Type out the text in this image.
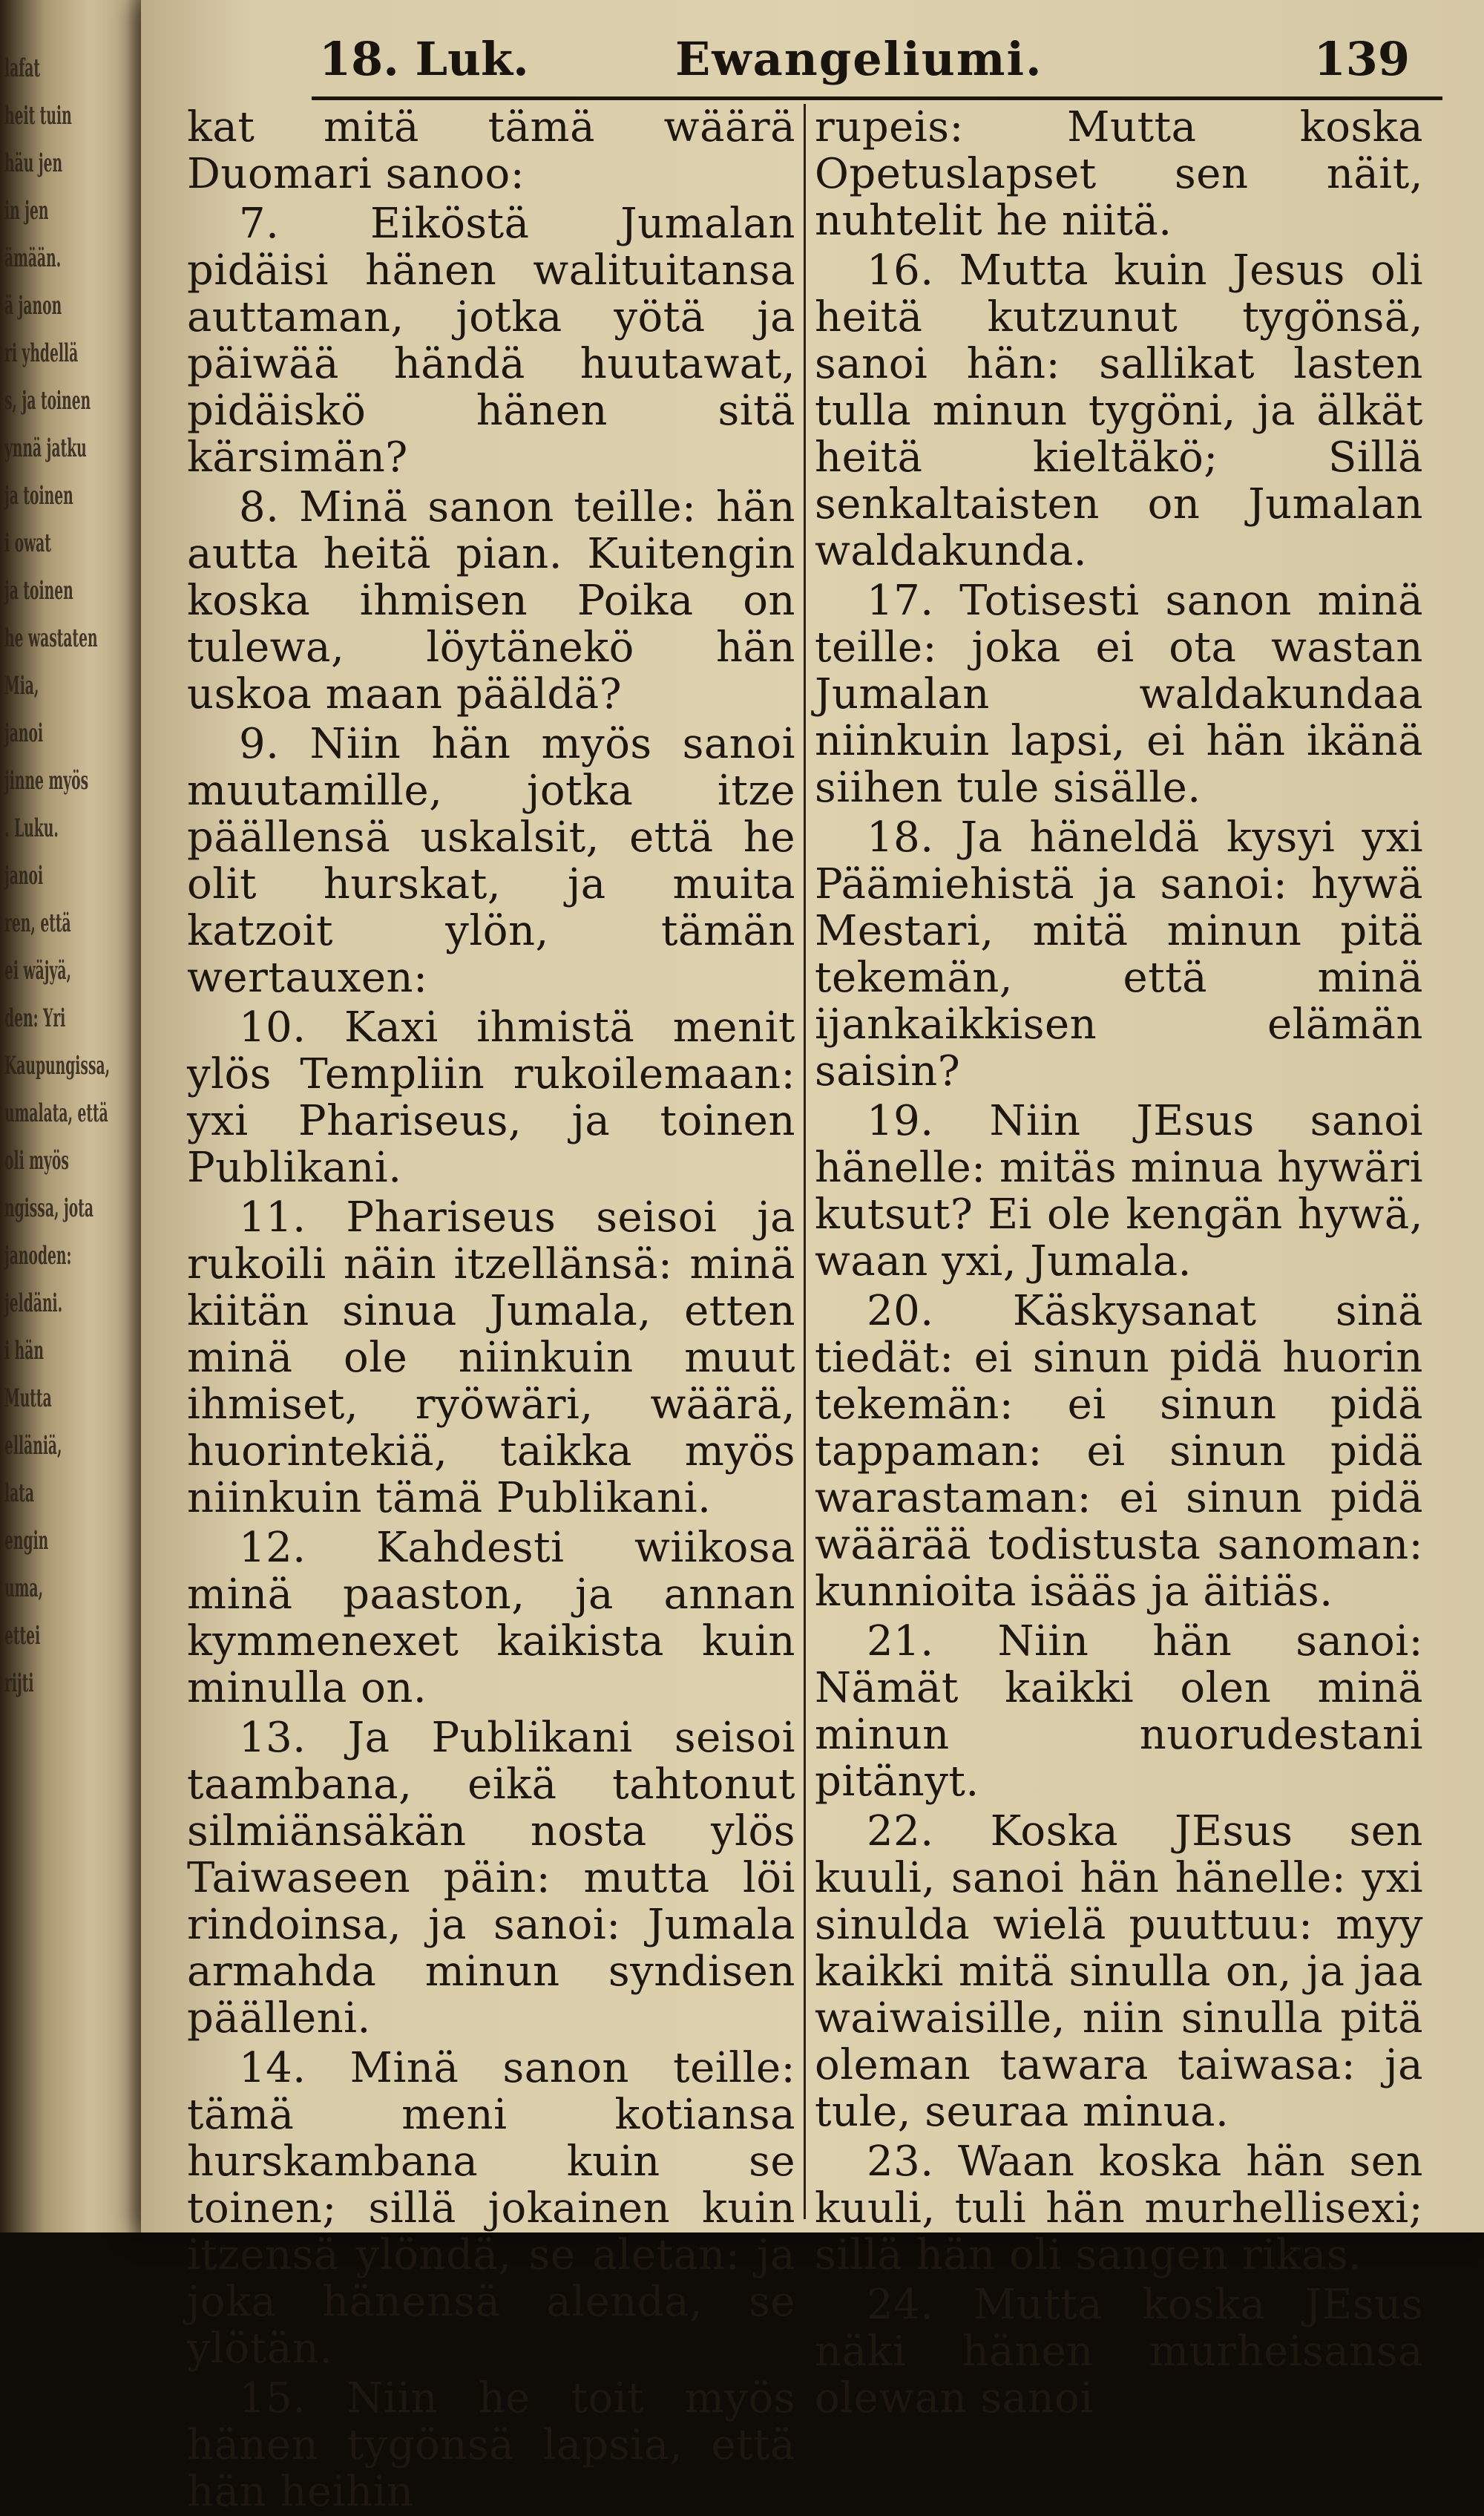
lafat
heit tuin
häu jen
in jen
ämään.
ä janon
ri yhdellä
s, ja toinen
ynnä jatku
ja toinen
i owat
ja toinen
he wastaten
Mia,
janoi
jinne myös
. Luku.
janoi
ren, että
ei wäjyä,
den: Yri
Kaupungissa,
umalata, että
oli myös
ngissa, jota
janoden:
jeldäni.
i hän
Mutta
elläniä,
lata
engin
uma,
ettei
rijti
18. Luk.	Ewangeliumi.	139

kat mitä tämä wäärä Duomari sanoo:

7. Eiköstä Jumalan pidäisi hänen walituitansa auttaman, jotka yötä ja päiwää händä huutawat, pidäiskö hänen sitä kärsimän?

8. Minä sanon teille: hän autta heitä pian. Kuitengin koska ihmisen Poika on tulewa, löytänekö hän uskoa maan pääldä?

9. Niin hän myös sanoi muutamille, jotka itze päällensä uskalsit, että he olit hurskat, ja muita katzoit ylön, tämän wertauxen:

10. Kaxi ihmistä menit ylös Templiin rukoilemaan: yxi Phariseus, ja toinen Publikani.

11. Phariseus seisoi ja rukoili näin itzellänsä: minä kiitän sinua Jumala, etten minä ole niinkuin muut ihmiset, ryöwäri, wäärä, huorintekiä, taikka myös niinkuin tämä Publikani.

12. Kahdesti wiikosa minä paaston, ja annan kymmenexet kaikista kuin minulla on.

13. Ja Publikani seisoi taambana, eikä tahtonut silmiänsäkän nosta ylös Taiwaseen päin: mutta löi rindoinsa, ja sanoi: Jumala armahda minun syndisen päälleni.

14. Minä sanon teille: tämä meni kotiansa hurskambana kuin se toinen; sillä jokainen kuin itzensä ylöndä, se aletan: ja joka hänensä alenda, se ylötän.

15. Niin he toit myös hänen tygönsä lapsia, että hän heihin

rupeis: Mutta koska Opetuslapset sen näit, nuhtelit he niitä.

16. Mutta kuin Jesus oli heitä kutzunut tygönsä, sanoi hän: sallikat lasten tulla minun tygöni, ja älkät heitä kieltäkö; Sillä senkaltaisten on Jumalan waldakunda.

17. Totisesti sanon minä teille: joka ei ota wastan Jumalan waldakundaa niinkuin lapsi, ei hän ikänä siihen tule sisälle.

18. Ja häneldä kysyi yxi Päämiehistä ja sanoi: hywä Mestari, mitä minun pitä tekemän, että minä ijankaikkisen elämän saisin?

19. Niin JEsus sanoi hänelle: mitäs minua hywäri kutsut? Ei ole kengän hywä, waan yxi, Jumala.

20. Käskysanat sinä tiedät: ei sinun pidä huorin tekemän: ei sinun pidä tappaman: ei sinun pidä warastaman: ei sinun pidä wäärää todistusta sanoman: kunnioita isääs ja äitiäs.

21. Niin hän sanoi: Nämät kaikki olen minä minun nuorudestani pitänyt.

22. Koska JEsus sen kuuli, sanoi hän hänelle: yxi sinulda wielä puuttuu: myy kaikki mitä sinulla on, ja jaa waiwaisille, niin sinulla pitä oleman tawara taiwasa: ja tule, seuraa minua.

23. Waan koska hän sen kuuli, tuli hän murhellisexi; sillä hän oli sangen rikas.

24. Mutta koska JEsus näki hänen murheisansa olewan sanoi
